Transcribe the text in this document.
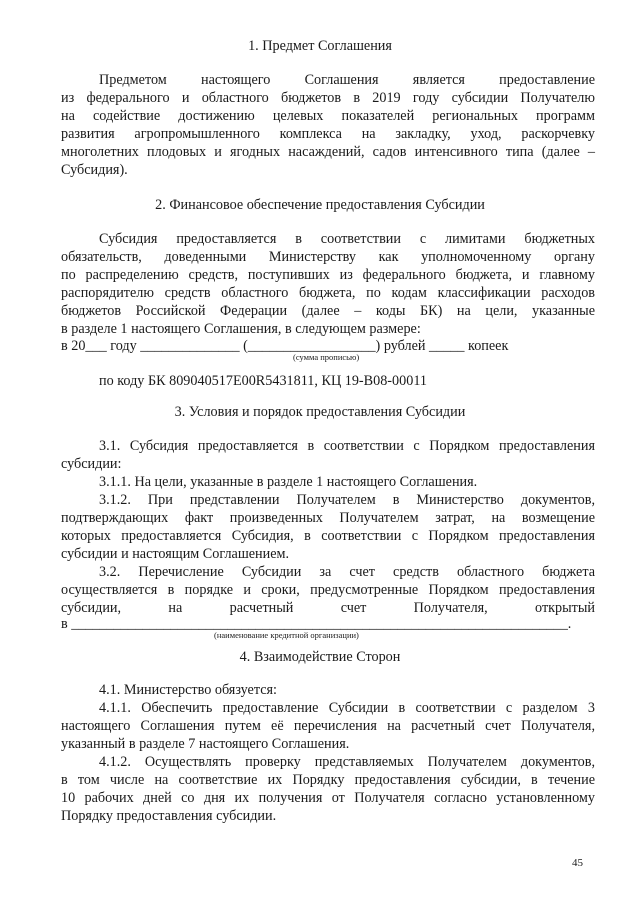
1. Предмет Соглашения
Предметом настоящего Соглашения является предоставление
из федерального и областного бюджетов в 2019 году субсидии Получателю
на содействие достижению целевых показателей региональных программ
развития агропромышленного комплекса на закладку, уход, раскорчевку
многолетних плодовых и ягодных насаждений, садов интенсивного типа (далее –
Субсидия).
2. Финансовое обеспечение предоставления Субсидии
Субсидия предоставляется в соответствии с лимитами бюджетных
обязательств, доведенными Министерству как уполномоченному органу
по распределению средств, поступивших из федерального бюджета, и главному
распорядителю средств областного бюджета, по кодам классификации расходов
бюджетов Российской Федерации (далее – коды БК) на цели, указанные
в разделе 1 настоящего Соглашения, в следующем размере:
в 20___ году ______________ (__________________) рублей _____ копеек
(сумма прописью)
по коду БК 809040517E00R5431811, КЦ 19-В08-00011
3. Условия и порядок предоставления Субсидии
3.1. Субсидия предоставляется в соответствии с Порядком предоставления
субсидии:
3.1.1. На цели, указанные в разделе 1 настоящего Соглашения.
3.1.2. При представлении Получателем в Министерство документов,
подтверждающих факт произведенных Получателем затрат, на возмещение
которых предоставляется Субсидия, в соответствии с Порядком предоставления
субсидии и настоящим Соглашением.
3.2. Перечисление Субсидии за счет средств областного бюджета
осуществляется в порядке и сроки, предусмотренные Порядком предоставления
субсидии, на расчетный счет Получателя, открытый
в ______________________________________________________________________.
(наименование кредитной организации)
4. Взаимодействие Сторон
4.1. Министерство обязуется:
4.1.1. Обеспечить предоставление Субсидии в соответствии с разделом 3
настоящего Соглашения путем её перечисления на расчетный счет Получателя,
указанный в разделе 7 настоящего Соглашения.
4.1.2. Осуществлять проверку представляемых Получателем документов,
в том числе на соответствие их Порядку предоставления субсидии, в течение
10 рабочих дней со дня их получения от Получателя согласно установленному
Порядку предоставления субсидии.
45
